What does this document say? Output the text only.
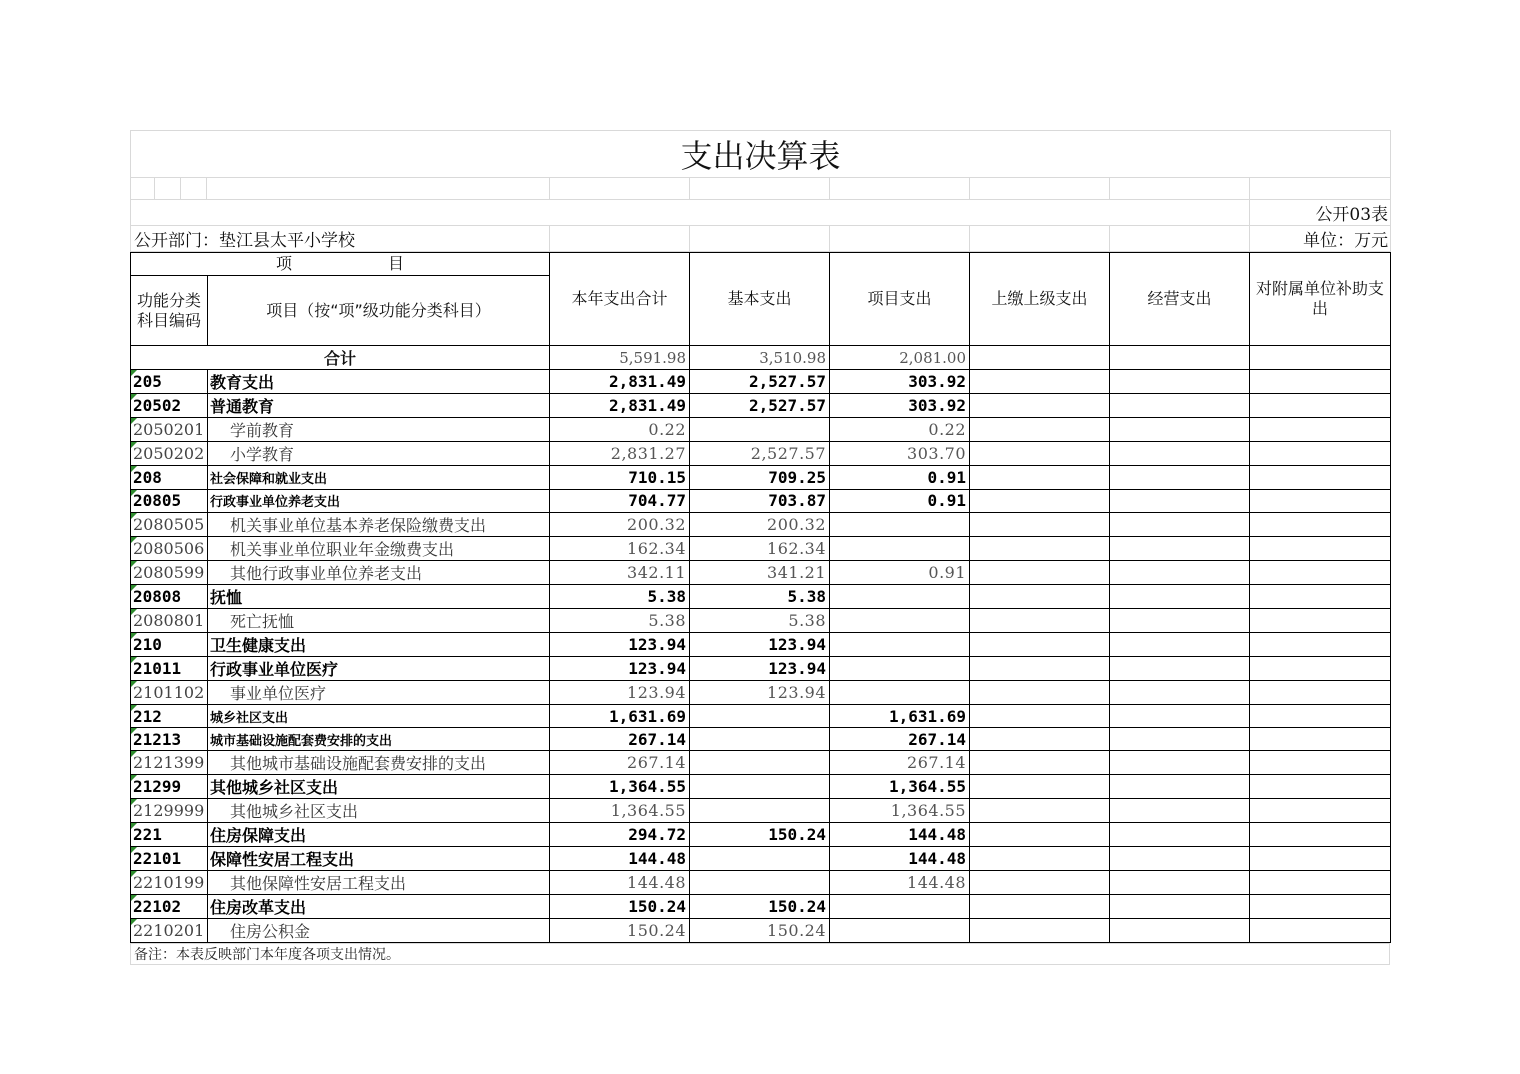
支出决算表									

									公开03表
公开部门：垫江县太平小学校									单位：万元
项　　　　　　目		本年支出合计	基本支出	项目支出	上缴上级支出	经营支出	对附属单位补助支出
功能分类科目编码	项目（按“项”级功能分类科目）						
合计		5,591.98	3,510.98	2,081.00			
205	教育支出	2,831.49	2,527.57	303.92			
20502	普通教育	2,831.49	2,527.57	303.92			
2050201	学前教育	0.22		0.22			
2050202	小学教育	2,831.27	2,527.57	303.70			
208	社会保障和就业支出	710.15	709.25	0.91			
20805	行政事业单位养老支出	704.77	703.87	0.91			
2080505	机关事业单位基本养老保险缴费支出	200.32	200.32				
2080506	机关事业单位职业年金缴费支出	162.34	162.34				
2080599	其他行政事业单位养老支出	342.11	341.21	0.91			
20808	抚恤	5.38	5.38				
2080801	死亡抚恤	5.38	5.38				
210	卫生健康支出	123.94	123.94				
21011	行政事业单位医疗	123.94	123.94				
2101102	事业单位医疗	123.94	123.94				
212	城乡社区支出	1,631.69		1,631.69			
21213	城市基础设施配套费安排的支出	267.14		267.14			
2121399	其他城市基础设施配套费安排的支出	267.14		267.14			
21299	其他城乡社区支出	1,364.55		1,364.55			
2129999	其他城乡社区支出	1,364.55		1,364.55			
221	住房保障支出	294.72	150.24	144.48			
22101	保障性安居工程支出	144.48		144.48			
2210199	其他保障性安居工程支出	144.48		144.48			
22102	住房改革支出	150.24	150.24				
2210201	住房公积金	150.24	150.24				
备注：本表反映部门本年度各项支出情况。
